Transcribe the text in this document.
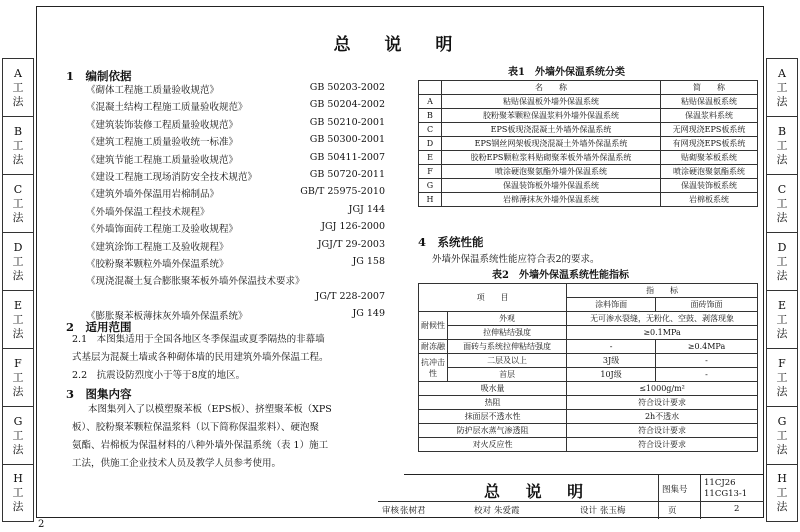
A
工
法
B
工
法
C
工
法
D
工
法
E
工
法
F
工
法
G
工
法
H
工
法
A
工
法
B
工
法
C
工
法
D
工
法
E
工
法
F
工
法
G
工
法
H
工
法
总 说 明
1　编制依据
《砌体工程施工质量验收规范》	GB 50203-2002
《混凝土结构工程施工质量验收规范》	GB 50204-2002
《建筑装饰装修工程质量验收规范》	GB 50210-2001
《建筑工程施工质量验收统一标准》	GB 50300-2001
《建筑节能工程施工质量验收规范》	GB 50411-2007
《建设工程施工现场消防安全技术规范》	GB 50720-2011
《建筑外墙外保温用岩棉制品》	GB/T 25975-2010
《外墙外保温工程技术规程》	JGJ 144
《外墙饰面砖工程施工及验收规程》	JGJ 126-2000
《建筑涂饰工程施工及验收规程》	JGJ/T 29-2003
《胶粉聚苯颗粒外墙外保温系统》	JG 158
《现浇混凝土复合膨胀聚苯板外墙外保温技术要求》
JG/T 228-2007
《膨胀聚苯板薄抹灰外墙外保温系统》	JG 149
2　适用范围
2.1　本图集适用于全国各地区冬季保温或夏季隔热的非幕墙
式基层为混凝土墙或各种砌体墙的民用建筑外墙外保温工程。
2.2　抗震设防烈度小于等于8度的地区。
3　图集内容
本图集列入了以模塑聚苯板（EPS板）、挤塑聚苯板（XPS
板）、胶粉聚苯颗粒保温浆料（以下简称保温浆料）、硬泡聚
氨酯、岩棉板为保温材料的八种外墙外保温系统（表 1）施工
工法，供施工企业技术人员及教学人员参考使用。
表1　外墙外保温系统分类
	名　　称	简　　称
A	粘贴保温板外墙外保温系统	粘贴保温板系统
B	胶粉聚苯颗粒保温浆料外墙外保温系统	保温浆料系统
C	EPS板现浇混凝土外墙外保温系统	无网现浇EPS板系统
D	EPS钢丝网架板现浇混凝土外墙外保温系统	有网现浇EPS板系统
E	胶粉EPS颗粒浆料贴砌聚苯板外墙外保温系统	贴砌聚苯板系统
F	喷涂硬泡聚氨酯外墙外保温系统	喷涂硬泡聚氨酯系统
G	保温装饰板外墙外保温系统	保温装饰板系统
H	岩棉薄抹灰外墙外保温系统	岩棉板系统
4　系统性能
外墙外保温系统性能应符合表2的要求。
表2　外墙外保温系统性能指标
项　　目		指　　标	
		涂料饰面	面砖饰面
耐候性	外观	无可渗水裂缝，无粉化、空鼓、剥落现象	
	拉伸粘结强度	≥0.1MPa	
耐冻融	面砖与系统拉伸粘结强度	-	≥0.4MPa
抗冲击性	二层及以上	3J级	-
	首层	10J级	-
吸水量		≤1000g/m²	
热阻		符合设计要求	
抹面层不透水性		2h不透水	
防护层水蒸气渗透阻		符合设计要求	
对火反应性		符合设计要求	
总 说 明	图集号
11CJ26
11CG13-1
审核 张树君	校对 朱爱霞	设计 张玉梅	页	2
2
